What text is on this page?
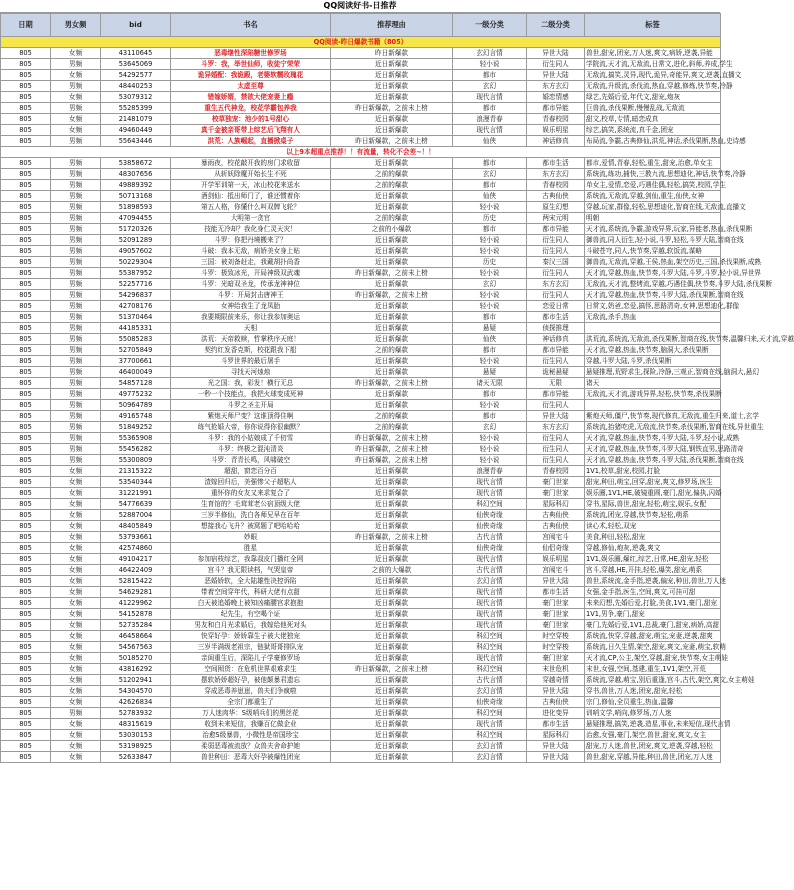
QQ阅读好书-日推荐
日期	男女频	bid	书名	推荐理由	一级分类	二级分类	标签
QQ阅读-昨日爆款书籍（805）							
805	女频	43110645	恶毒继性深陷糖世修罗场	昨日新爆款	玄幻言情	异世大陆	兽世,甜宠,团宠,万人迷,爽文,病娇,逆袭,异能
805	男频	53645069	斗罗：我，举世仙师，收徒宁荣荣	近日新爆款	轻小说	衍生同人	学院流,天才流,无敌流,日常文,进化,斜师,养成,学生
805	女频	54292577	诡异婚配：我诡殿，老婆软糯玫瑰花	近日新爆款	都市	异世大陆	无敌流,搞笑,灵异,现代,诡异,奇能异,爽文,逆袭,直播文
805	男频	48440253	太虚至尊	近日新爆款	玄幻	东方玄幻	无敌流,升级流,杀伐流,热血,穿越,修炼,快节奏,冷静
805	女频	53079312	错嫁娇婿，禁欲大佬宠妻上瘾	近日新爆款	现代言情	婚恋情感	绿艺,先婚后爱,年代文,甜宠,炮灰
805	男频	55285399	重生五代神龙，校花学霸包养我	昨日新爆款，之前未上榜	都市	都市异能	巨兽流,杀伐果断,慢慢乱战,无敌流
805	女频	21481079	校草独宠：池少的1号甜心	近日新爆款	浪漫青春	青春校园	甜文,校草,专情,暗恋成真
805	女频	49460449	真千金被亲哥带上综艺后飞翔有人	近日新爆款	现代言情	娱乐明星	综艺,搞笑,系统流,真千金,团宠
805	男频	55643446	洪荒：人族崛起，直播掀桌子	昨日新爆款，之前未上榜	仙侠	神话修真	布局流,争霸,古典修仙,洪荒,神话,杀伐果断,热血,史诗感
以上9本超重点推荐！！有流量，转化不会差~！！							
805	男频	53858672	暴雨夜，校花敲开我的房门求收留	近日新爆款	都市	都市生活	都市,爱情,青春,轻松,重生,甜宠,治愈,单女主
805	男频	48307656	从斩妖除魔开始长生不死	之前的爆款	玄幻	东方玄幻	系统流,练功,捕快,三教九流,思想迪化,神话,快节奏,冷静
805	男频	49889392	开学军训第一天，冰山校花来送水	之前的爆款	都市	青春校园	单女主,爱情,恋爱,巧遇佳偶,轻松,搞笑,校园,学生
805	男频	50713168	酒剑仙：抵出师门了，谁还惯着你	近日新爆款	仙侠	古典仙侠	系统流,无敌流,穿越,剑仙,重生,仙侠,女神
805	男频	51898593	第五人格，你懂什么叫双牌飞轮？	近日新爆款	轻小说	原生幻想	穿越,玩家,群像,轻松,思想迪化,智商在线,无敌流,直播文
805	男频	47094455	大明第一贪官	之前的爆款	历史	两宋元明	明朝
805	男频	51720326	技能无冷却？我化身仁灵天灾！	之前的小爆款	都市	都市异能	天才流,系统流,争霸,游戏异界,玩家,异能者,热血,杀伐果断
805	男频	52091289	斗罗：你把丹境搬来了？	近日新爆款	轻小说	衍生同人	御兽流,同人衍生,轻小说,斗罗,轻松,斗罗大陆,智商在线
805	男频	49057602	斗破：我本无敌，病娇美女身上贴	近日新爆款	轻小说	衍生同人	斗破苍穹,同人,快节奏,穿越,软饭流,谋略
805	男频	50229304	三国：被刘备赶走，我戴胡扑尚香	近日新爆款	历史	秦汉三国	御兽流,无敌流,穿越,王侯,热血,架空历史,三国,杀伐果断,成熟
805	男频	55387952	斗罗：极致冰光，开局神级双武魂	昨日新爆款，之前未上榜	轻小说	衍生同人	天才流,穿越,热血,快节奏,斗罗大陆,斗罗,斗罗,轻小说,异世界
805	男频	52257716	斗罗：光暗双圣龙，传承龙神神位	近日新爆款	玄幻	东方玄幻	无敌流,天才流,整烤流,穿越,巧遇佳偶,快节奏,斗罗大陆,杀伐果断
805	男频	54296837	斗罗：开局封击唐神王	昨日新爆款，之前未上榜	轻小说	衍生同人	天才流,穿越,热血,快节奏,斗罗大陆,杀伐果断,智商在线
805	男频	42708176	女神给我生了龙凤胎	近日新爆款	轻小说	恋爱日常	日常文,奶爸,恋爱,搞怪,思路清奇,女神,思想迪化,群像
805	男频	51370464	我要期限前来乐，你让我参加奥运	近日新爆款	都市	都市生活	无敌流,杀手,热血
805	男频	44185331	天相	近日新爆款	悬疑	侦探推理	
805	男频	55085283	洪荒：天帝救赎，哲掌秩序天庭！	近日新爆款	仙侠	神话修真	洪荒流,系统流,无敌流,杀伐果断,智商在线,快节奏,温馨归来,天才流,穿越
805	男频	52705849	契约红发香克斯，校花跟我下船	之前的爆款	都市	都市异能	天才流,穿越,热血,快节奏,脑洞大,杀伐果断
805	男频	37700661	斗罗世界的最后屠手	近日新爆款	轻小说	衍生同人	穿越,斗罗大陆,斗罗,杀伐果断
805	男频	46400049	寻找天河烛烛	近日新爆款	悬疑	诡秘悬疑	悬疑推理,荒野求生,探险,冷静,三观正,智商在线,脑洞大,悬幻
805	男频	54857128	光之国：我，彩发！横行无总	昨日新爆款，之前未上榜	诸天无限	无限	诸天
805	男频	49775232	一秒一个技能点，我把火球变成死神	近日新爆款	都市	都市异能	无敌流,天才流,游戏异界,轻松,快节奏,杀伐果断
805	男频	50964789	斗罗之圣主开局	近日新爆款	轻小说	衍生同人	
805	男频	49165748	紫炮天师尸变？这谁顶得住啊	之前的爆款	都市	异世大陆	紫炮天师,僵尸,快节奏,现代修真,无敌流,重生归来,道士,玄学
805	男频	51849252	练气抢婚大帝，你你说得你很幽默？	之前的爆款	玄幻	东方玄幻	系统流,抬猪吃虎,无敌流,快节奏,杀伐果断,智商在线,异世重生
805	男频	55365908	斗罗：我的小姑娘成了千仞雪	昨日新爆款，之前未上榜	轻小说	衍生同人	天才流,穿越,热血,快节奏,斗罗大陆,斗罗,轻小说,成熟
805	男频	55456282	斗罗：终极之混沌清炎	昨日新爆款，之前未上榜	轻小说	衍生同人	天才流,穿越,热血,快节奏,斗罗大陆,钢铁直男,思路清奇
805	男频	55300809	斗罗：青青长鸣，风啸破空	昨日新爆款，之前未上榜	轻小说	衍生同人	天才流,穿越,热血,快节奏,斗罗大陆,杀伐果断,智商在线
805	女频	21315322	超甜，窗恋百分百	近日新爆款	浪漫青春	青春校园	1V1,校草,甜宠,校园,打脸
805	女频	53540344	渣嫁回归后，美强惨父子超粘人	近日新爆款	现代言情	豪门世家	甜宠,种田,萌宝,回穿,甜宠,爽文,修罗场,医生
805	女频	31221991	重怀你的女友又来求复合了	近日新爆款	现代言情	豪门世家	娱乐圈,1V1,HE,破镜重圆,豪门,甜宠,偏执,闪婚
805	女频	54776639	生育馆的？毛茸茸老公宿顶级大佬	近日新爆款	科幻空间	星际科幻	穿书,星际,兽世,甜宠,轻松,萌宝,娱乐,女配
805	女频	52887004	三岁半修仙，洗白各师兄早在百年	近日新爆款	仙侠奇缘	古典仙侠	系统流,团宠,穿越,快节奏,轻松,萌系
805	女频	48405849	想接我心飞升？被窝题了吧哈哈哈	近日新爆款	仙侠奇缘	古典仙侠	读心术,轻松,双宠
805	女频	53793661	妙眼	昨日新爆款，之前未上榜	古代言情	宫闱宅斗	美食,种田,轻松,甜宠
805	女频	42574860	胜星	近日新爆款	仙侠奇缘	仙侣奇缘	穿越,修仙,炮灰,逆袭,爽文
805	女频	49104217	参加宿枝综艺，我靠叔皮门播红全网	近日新爆款	现代言情	娱乐明星	1V1,娱乐圈,爆红,综艺,日常,HE,甜宠,轻松
805	女频	46422409	宫斗？我无限读档，气哭皇帝	之前的大爆款	古代言情	宫闱宅斗	宫斗,穿越,HE,开挂,轻松,爆笑,甜宠,萌系
805	女频	52815422	恶婚娇软，全大陆雄性决控诉陷	近日新爆款	玄幻言情	异世大陆	兽世,系统流,金手指,逆袭,偏宠,种田,兽世,万人迷
805	女频	54629281	带着空间穿年代，科研大佬有点甜	近日新爆款	现代言情	都市生活	女强,金手指,医生,空间,爽文,可挂可甜
805	女频	41229962	白天被追婚晚上被知凶痛腰宫求抱抱	近日新爆款	现代言情	豪门世家	未来幻想,先婚后爱,打脸,美食,1V1,豪门,甜宠
805	女频	54152878	纪先生，有空喝个证	近日新爆款	现代言情	豪门世家	1V1,男争,豪门,甜宠
805	女频	52735284	男友和白月光求婚后，我嫁给他死对头	近日新爆款	现代言情	豪门世家	豪门,先婚后爱,1V1,总裁,豪门,甜宠,病娇,高甜
805	女频	46458664	快穿好孕：娇娇靠生子被大佬独宠	近日新爆款	科幻空间	时空穿梭	系统流,快穿,穿越,甜宠,萌宝,宠妻,逆袭,甜爽
805	女频	54567563	三岁半满级老祖宗，链狱哥哥排队宠	近日新爆款	科幻空间	时空穿梭	系统流,日久生情,架空,甜宠,爽文,宠妻,萌宝,软萌
805	女频	50185270	亲闺重生后，深陷儿子学豪修罗场	近日新爆款	现代言情	豪门世家	天才流,CP,公主,架空,穿越,甜宠,快节奏,女主萌娃
805	女频	43816292	空间囤货：在危机世界艰难求生	昨日新爆款，之前未上榜	科幻空间	末世危机	末世,女强,空间,基建,重生,1V1,架空,开荒
805	女频	51202941	摆软娇娇超好孕，被他颠暴君遗忘	近日新爆款	古代言情	穿越奇情	系统流,穿越,萌宝,别后重逢,宫斗,古代,架空,爽文,女主萌娃
805	女频	54304570	穿成恶毒养崽崽，兽夫们争疯啦	近日新爆款	玄幻言情	异世大陆	穿书,兽世,万人迷,团宠,甜宠,轻松
805	女频	42626834	全宗门都重生了	近日新爆款	仙侠奇缘	古典仙侠	宗门,修仙,全员重生,热血,温馨
805	男频	52783932	万人迷肉华：S级哨兵们的黑丝花	近日新爆款	科幻空间	进化变异	训哨文学,哨向,修罗场,万人迷
805	女频	48315619	收到未来短信，我赚百亿做企业	近日新爆款	现代言情	都市生活	悬疑推理,搞笑,逆袭,造星,事业,未来短信,现代言情
805	女频	53030153	治愈S级暴兽，小微性是帝国珍宝	近日新爆款	科幻空间	星际科幻	治愈,女强,豪门,架空,兽世,甜宠,爽文,女主
805	女频	53198925	柔弱恶毒被流放？众兽夫舍命护她	近日新爆款	玄幻言情	异世大陆	甜宠,万人迷,兽世,团宠,爽文,逆袭,穿越,轻松
805	女频	52633847	兽世种田：恶毒大奸孕被爆性团宠	近日新爆款	玄幻言情	异世大陆	兽世,甜宠,穿越,异能,种田,兽世,团宠,万人迷
